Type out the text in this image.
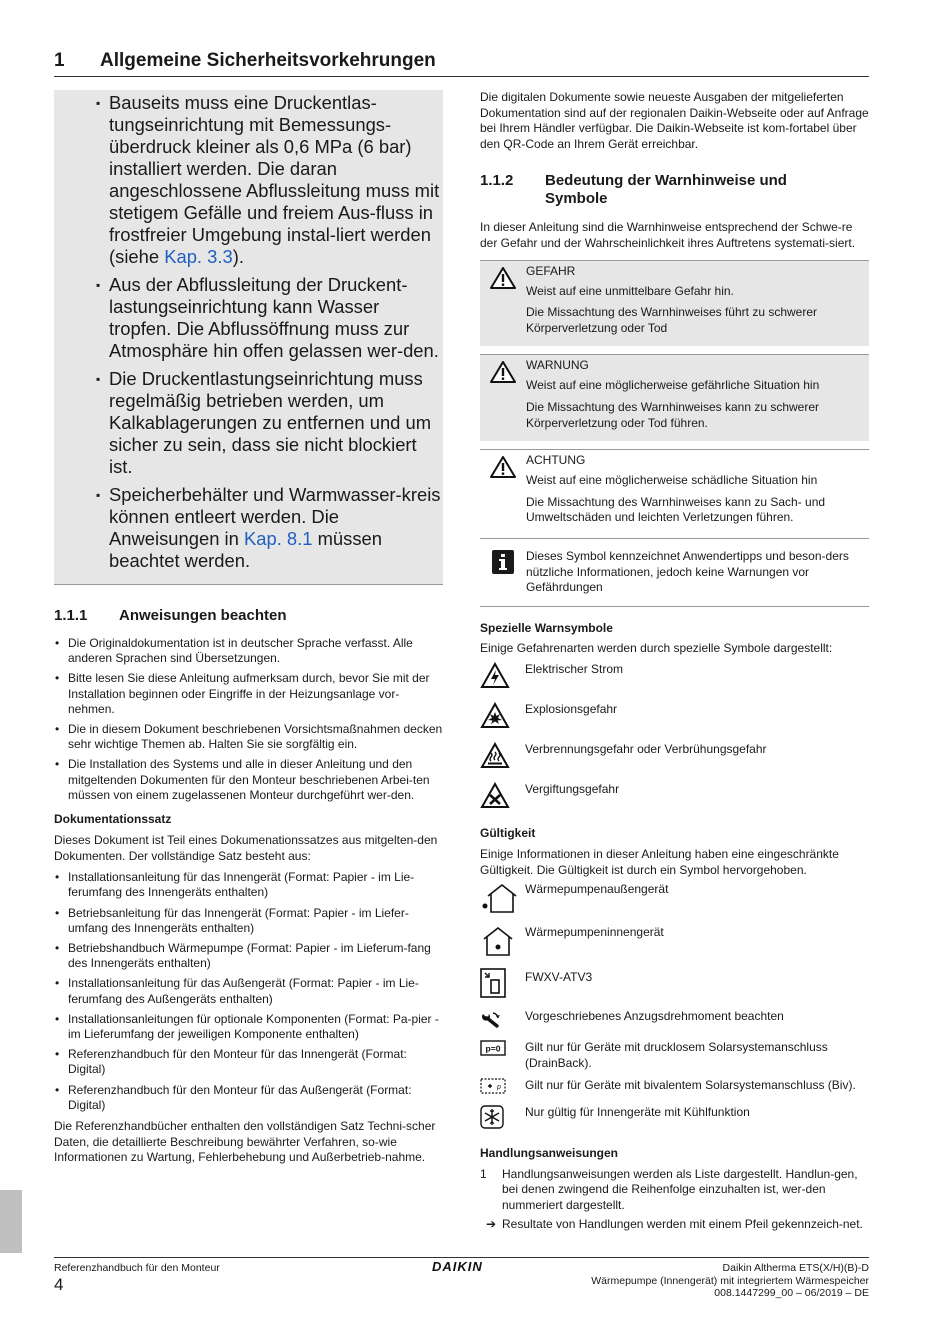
1 Allgemeine Sicherheitsvorkehrungen
▪ Bauseits muss eine Druckentlas-tungseinrichtung mit Bemessungs-überdruck kleiner als 0,6 MPa (6 bar) installiert werden. Die daran angeschlossene Abflussleitung muss mit stetigem Gefälle und freiem Aus-fluss in frostfreier Umgebung instal-liert werden (siehe Kap. 3.3).
▪ Aus der Abflussleitung der Druckent-lastungseinrichtung kann Wasser tropfen. Die Abflussöffnung muss zur Atmosphäre hin offen gelassen wer-den.
▪ Die Druckentlastungseinrichtung muss regelmäßig betrieben werden, um Kalkablagerungen zu entfernen und um sicher zu sein, dass sie nicht blockiert ist.
▪ Speicherbehälter und Warmwasser-kreis können entleert werden. Die Anweisungen in Kap. 8.1 müssen beachtet werden.
1.1.1	Anweisungen beachten
• Die Originaldokumentation ist in deutscher Sprache verfasst. Alle anderen Sprachen sind Übersetzungen.
• Bitte lesen Sie diese Anleitung aufmerksam durch, bevor Sie mit der Installation beginnen oder Eingriffe in der Heizungsanlage vor-nehmen.
• Die in diesem Dokument beschriebenen Vorsichtsmaßnahmen decken sehr wichtige Themen ab. Halten Sie sie sorgfältig ein.
• Die Installation des Systems und alle in dieser Anleitung und den mitgeltenden Dokumenten für den Monteur beschriebenen Arbei-ten müssen von einem zugelassenen Monteur durchgeführt wer-den.
Dokumentationssatz

Dieses Dokument ist Teil eines Dokumenationssatzes aus mitgelten-den Dokumenten. Der vollständige Satz besteht aus:

• Installationsanleitung für das Innengerät (Format: Papier - im Lie-ferumfang des Innengeräts enthalten)
• Betriebsanleitung für das Innengerät (Format: Papier - im Liefer-umfang des Innengeräts enthalten)
• Betriebshandbuch Wärmepumpe (Format: Papier - im Lieferum-fang des Innengeräts enthalten)
• Installationsanleitung für das Außengerät (Format: Papier - im Lie-ferumfang des Außengeräts enthalten)
• Installationsanleitungen für optionale Komponenten (Format: Pa-pier - im Lieferumfang der jeweiligen Komponente enthalten)
• Referenzhandbuch für den Monteur für das Innengerät (Format: Digital)
• Referenzhandbuch für den Monteur für das Außengerät (Format: Digital)

Die Referenzhandbücher enthalten den vollständigen Satz Techni-scher Daten, die detaillierte Beschreibung bewährter Verfahren, so-wie Informationen zu Wartung, Fehlerbehebung und Außerbetrieb-nahme.

Die digitalen Dokumente sowie neueste Ausgaben der mitgelieferten Dokumentation sind auf der regionalen Daikin-Webseite oder auf Anfrage bei Ihrem Händler verfügbar. Die Daikin-Webseite ist kom-fortabel über den QR-Code an Ihrem Gerät erreichbar.

1.1.2	Bedeutung der Warnhinweise und
Symbole

In dieser Anleitung sind die Warnhinweise entsprechend der Schwe-re der Gefahr und der Wahrscheinlichkeit ihres Auftretens systemati-siert.

GEFAHR

Weist auf eine unmittelbare Gefahr hin.

Die Missachtung des Warnhinweises führt zu schwerer Körperverletzung oder Tod

WARNUNG

Weist auf eine möglicherweise gefährliche Situation hin

Die Missachtung des Warnhinweises kann zu schwerer Körperverletzung oder Tod führen.

ACHTUNG

Weist auf eine möglicherweise schädliche Situation hin

Die Missachtung des Warnhinweises kann zu Sach- und Umweltschäden und leichten Verletzungen führen.

Dieses Symbol kennzeichnet Anwendertipps und beson-ders nützliche Informationen, jedoch keine Warnungen vor Gefährdungen

Spezielle Warnsymbole

Einige Gefahrenarten werden durch spezielle Symbole dargestellt:

Elektrischer Strom
Explosionsgefahr
Verbrennungsgefahr oder Verbrühungsgefahr
Vergiftungsgefahr
Gültigkeit

Einige Informationen in dieser Anleitung haben eine eingeschränkte Gültigkeit. Die Gültigkeit ist durch ein Symbol hervorgehoben.

Wärmepumpenaußengerät
Wärmepumpeninnengerät
FWXV-ATV3
Vorgeschriebenes Anzugsdrehmoment beachten
p=0 Gilt nur für Geräte mit drucklosem Solarsystemanschluss (DrainBack).
p Gilt nur für Geräte mit bivalentem Solarsystemanschluss (Biv).
Nur gültig für Innengeräte mit Kühlfunktion
Handlungsanweisungen
1	Handlungsanweisungen werden als Liste dargestellt. Handlun-gen, bei denen zwingend die Reihenfolge einzuhalten ist, wer-den nummeriert dargestellt.

➔ Resultate von Handlungen werden mit einem Pfeil gekennzeich-net.

Referenzhandbuch für den Monteur
4
DAIKIN	Daikin Altherma ETS(X/H)(B)-D
Wärmepumpe (Innengerät) mit integriertem Wärmespeicher
008.1447299_00 – 06/2019 – DE
